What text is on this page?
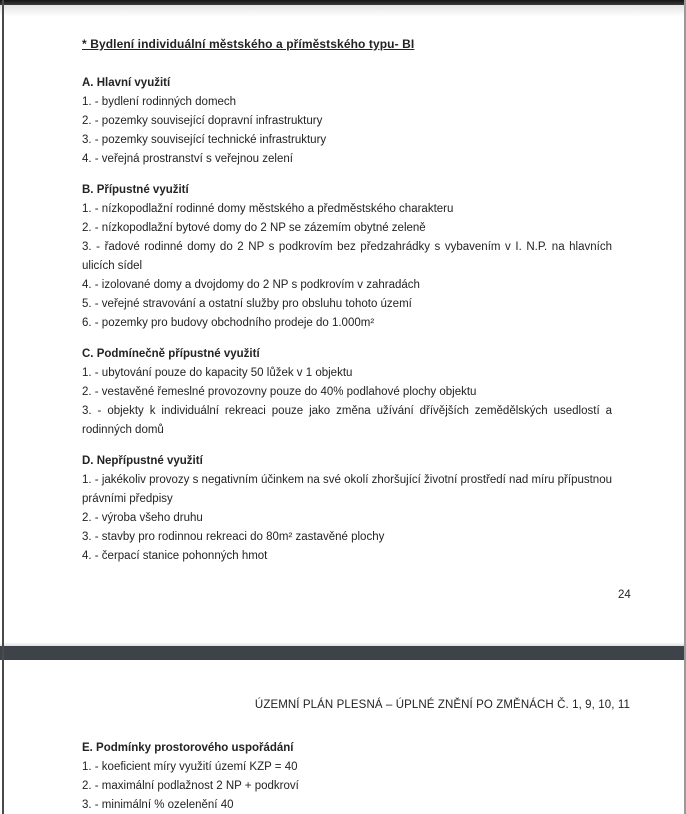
* Bydlení individuální městského a příměstského typu- BI
A. Hlavní využití
1. - bydlení rodinných domech
2. - pozemky související dopravní infrastruktury
3. - pozemky související technické infrastruktury
4. - veřejná prostranství s veřejnou zelení
B. Přípustné využití
1. - nízkopodlažní rodinné domy městského a předměstského charakteru
2. - nízkopodlažní bytové domy do 2 NP se zázemím obytné zeleně
3. - řadové rodinné domy do 2 NP s podkrovím bez předzahrádky s vybavením v I. N.P. na hlavních ulicích sídel
4. - izolované domy a dvojdomy do 2 NP s podkrovím v zahradách
5. - veřejné stravování a ostatní služby pro obsluhu tohoto území
6. - pozemky pro budovy obchodního prodeje do 1.000m²
C. Podmínečně přípustné využití
1. - ubytování pouze do kapacity 50 lůžek v 1 objektu
2. - vestavěné řemeslné provozovny pouze do 40% podlahové plochy objektu
3. - objekty k individuální rekreaci pouze jako změna užívání dřívějších zemědělských usedlostí a rodinných domů
D. Nepřípustné využití
1. - jakékoliv provozy s negativním účinkem na své okolí zhoršující životní prostředí nad míru přípustnou právními předpisy
2. - výroba všeho druhu
3. - stavby pro rodinnou rekreaci do 80m² zastavěné plochy
4. - čerpací stanice pohonných hmot
24
ÚZEMNÍ PLÁN PLESNÁ – ÚPLNÉ ZNĚNÍ PO ZMĚNÁCH Č. 1, 9, 10, 11
E. Podmínky prostorového uspořádání
1. - koeficient míry využití území KZP = 40
2. - maximální podlažnost 2 NP + podkroví
3. - minimální % ozelenění 40
